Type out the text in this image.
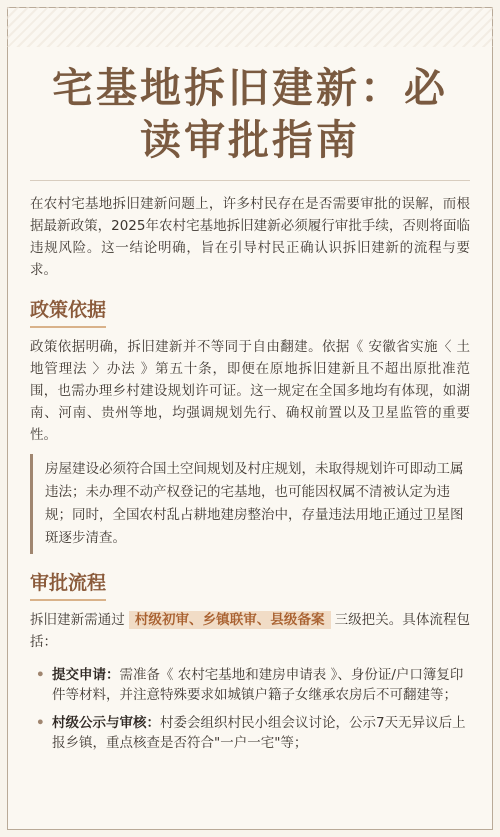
宅基地拆旧建新：必
读审批指南

在农村宅基地拆旧建新问题上，许多村民存在是否需要审批的误解，而根据最新政策，2025年农村宅基地拆旧建新必须履行审批手续，否则将面临违规风险。这一结论明确，旨在引导村民正确认识拆旧建新的流程与要求。

政策依据

政策依据明确，拆旧建新并不等同于自由翻建。依据《 安徽省实施〈 土地管理法 〉办法 》第五十条，即便在原地拆旧建新且不超出原批准范围，也需办理乡村建设规划许可证。这一规定在全国多地均有体现，如湖南、河南、贵州等地，均强调规划先行、确权前置以及卫星监管的重要性。

房屋建设必须符合国土空间规划及村庄规划，未取得规划许可即动工属违法；未办理不动产权登记的宅基地，也可能因权属不清被认定为违规；同时，全国农村乱占耕地建房整治中，存量违法用地正通过卫星图斑逐步清查。
审批流程

拆旧建新需通过 村级初审、乡镇联审、县级备案 三级把关。具体流程包括：

• 提交申请：需准备《 农村宅基地和建房申请表 》、身份证/户口簿复印件等材料，并注意特殊要求如城镇户籍子女继承农房后不可翻建等；
• 村级公示与审核：村委会组织村民小组会议讨论，公示7天无异议后上报乡镇，重点核查是否符合"一户一宅"等；
